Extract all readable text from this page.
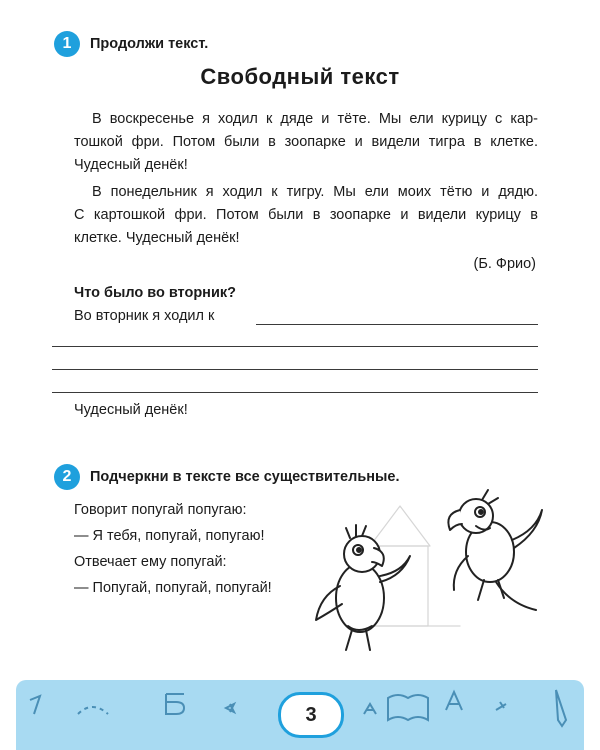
1	Продолжи текст.
Свободный текст
В воскресенье я ходил к дяде и тёте. Мы ели курицу с кар-
тошкой фри. Потом были в зоопарке и видели тигра в клетке.
Чудесный денёк!
В понедельник я ходил к тигру. Мы ели моих тётю и дядю.
С картошкой фри. Потом были в зоопарке и видели курицу в
клетке. Чудесный денёк!
(Б. Фрио)
Что было во вторник?
Во вторник я ходил к
Чудесный денёк!
2	Подчеркни в тексте все существительные.
Говорит попугай попугаю:
— Я тебя, попугай, попугаю!
Отвечает ему попугай:
— Попугай, попугай, попугай!
3
